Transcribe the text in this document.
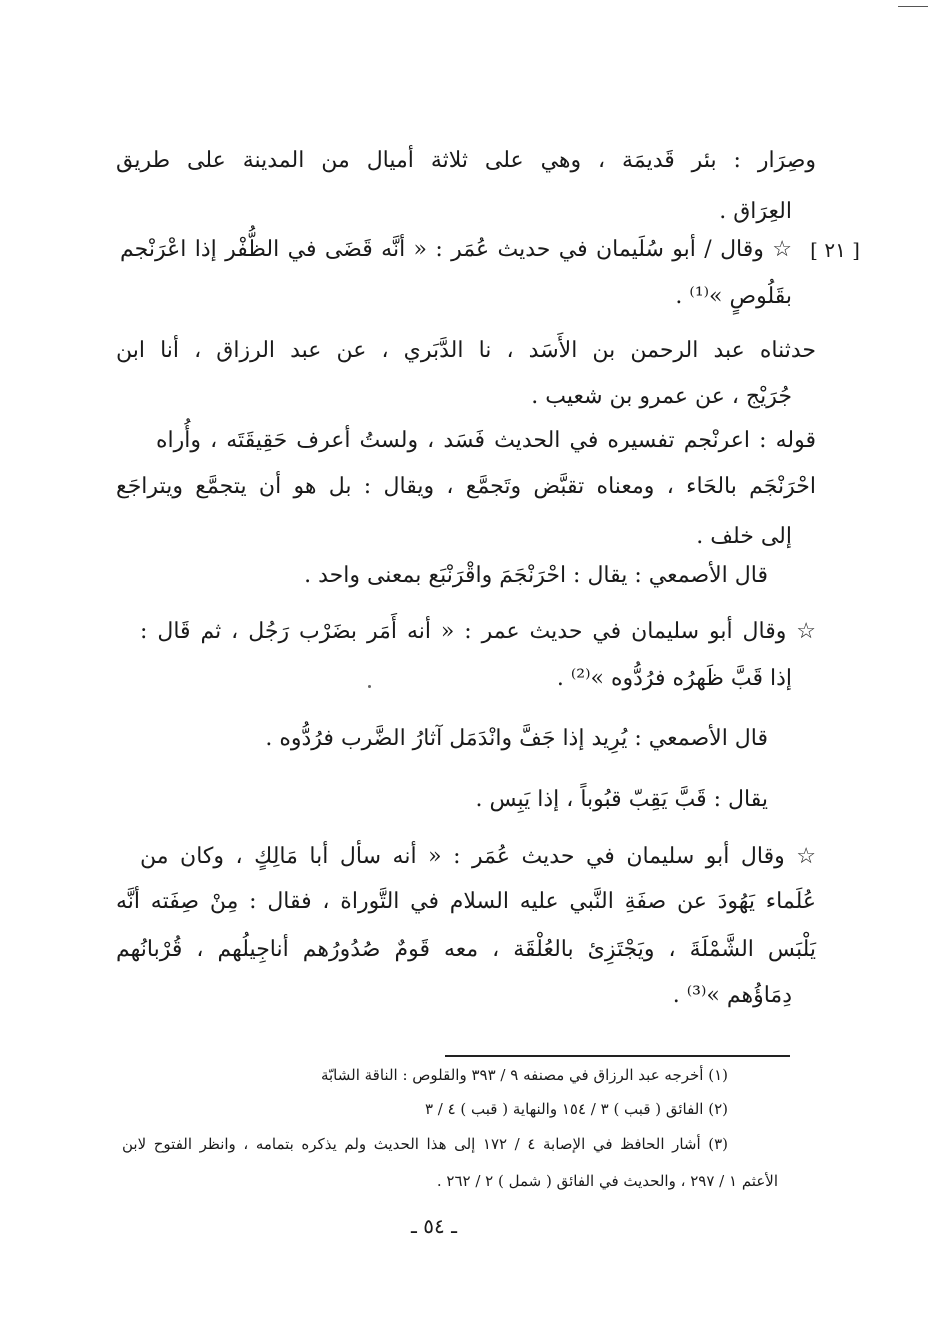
[ ٢١ ]
وصِرَار : بئر قَديمَة ، وهي على ثلاثة أميال من المدينة على طريق
العِرَاق .
☆ وقال / أبو سُلَيمان في حديث عُمَر : « أنَّه قَضَى في الظُّفْر إذا اعْرَنْجم
بقَلُوصٍ »⁽¹⁾ .
حدثناه عبد الرحمن بن الأَسَد ، نا الدَّبَري ، عن عبد الرزاق ، أنا ابن
جُرَيْج ، عن عمرو بن شعيب .
قوله : اعرنْجم تفسيره في الحديث فَسَد ، ولستُ أعرف حَقِيقَتَه ، وأُراه
احْرَنْجَم بالحَاء ، ومعناه تقبَّض وتَجمَّع ، ويقال : بل هو أن يتجمَّع ويتراجَع
إلى خلف .
قال الأصمعي : يقال : احْرَنْجَمَ واقْرَنْبَع بمعنى واحد .
☆ وقال أبو سليمان في حديث عمر : « أنه أَمَر بضَرْب رَجُل ، ثم قَال :
إذا قَبَّ ظَهرُه فرُدُّوه »⁽²⁾ .
قال الأصمعي : يُرِيد إذا جَفَّ وانْدَمَل آثارُ الضَّرب فرُدُّوه .
يقال : قَبَّ يَقِبّ قبُوباً ، إذا يَبِس .
☆ وقال أبو سليمان في حديث عُمَر : « أنه سأل أبا مَالِكٍ ، وكان من
عُلَماء يَهُودَ عن صفَةِ النَّبي عليه السلام في التَّوراة ، فقال : مِنْ صِفَته أنَّه
يَلْبَس الشَّمْلَةَ ، ويَجْتَزِئ بالعُلْقَة ، معه قَومٌ صُدُورُهم أناجِيلُهم ، قُرْبانُهم
دِمَاؤُهم »⁽³⁾ .
(١) أخرجه عبد الرزاق في مصنفه ٩ / ٣٩٣ والقلوص : الناقة الشابّة
(٢) الفائق ( قبب ) ٣ / ١٥٤ والنهاية ( قبب ) ٤ / ٣
(٣) أشار الحافظ في الإصابة ٤ / ١٧٢ إلى هذا الحديث ولم يذكره بتمامه ، وانظر الفتوح لابن
الأعثم ١ / ٢٩٧ ، والحديث في الفائق ( شمل ) ٢ / ٢٦٢ .
ـ ٥٤ ـ
